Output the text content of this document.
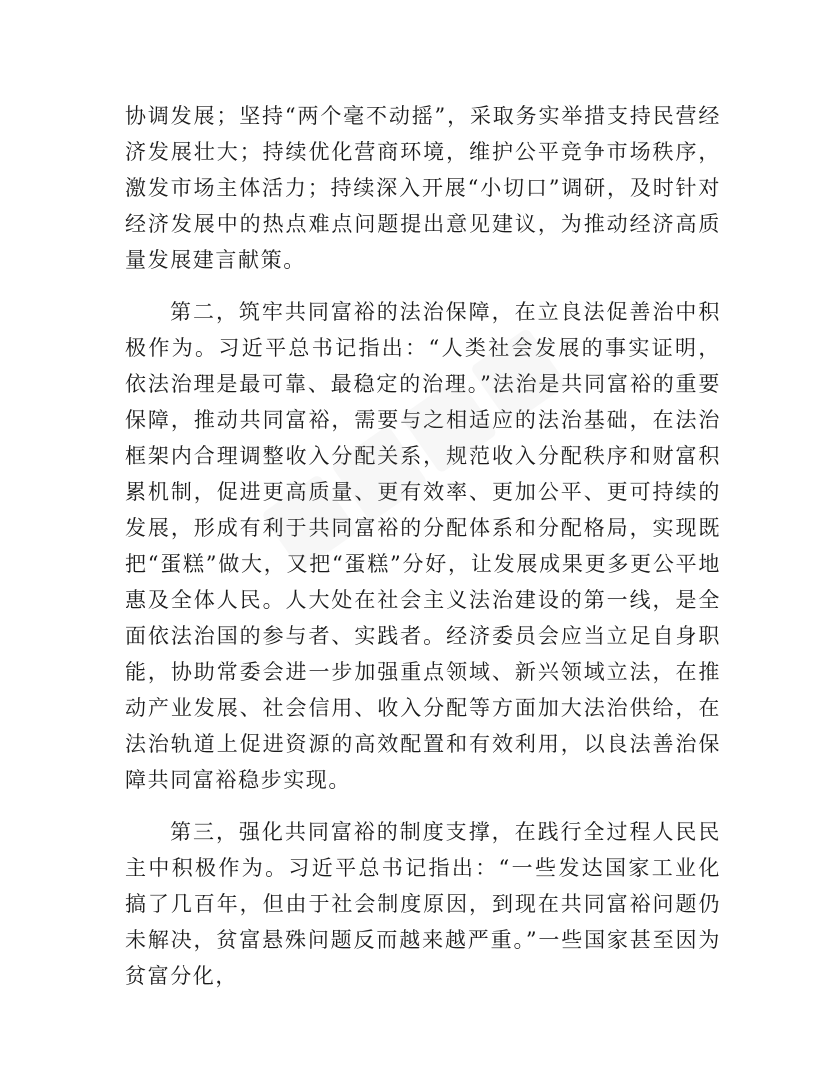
协调发展；坚持“两个毫不动摇”，采取务实举措支持民营经济发展壮大；持续优化营商环境，维护公平竞争市场秩序，激发市场主体活力；持续深入开展“小切口”调研，及时针对经济发展中的热点难点问题提出意见建议，为推动经济高质量发展建言献策。

第二，筑牢共同富裕的法治保障，在立良法促善治中积极作为。习近平总书记指出：“人类社会发展的事实证明，依法治理是最可靠、最稳定的治理。”法治是共同富裕的重要保障，推动共同富裕，需要与之相适应的法治基础，在法治框架内合理调整收入分配关系，规范收入分配秩序和财富积累机制，促进更高质量、更有效率、更加公平、更可持续的发展，形成有利于共同富裕的分配体系和分配格局，实现既把“蛋糕”做大，又把“蛋糕”分好，让发展成果更多更公平地惠及全体人民。人大处在社会主义法治建设的第一线，是全面依法治国的参与者、实践者。经济委员会应当立足自身职能，协助常委会进一步加强重点领域、新兴领域立法，在推动产业发展、社会信用、收入分配等方面加大法治供给，在法治轨道上促进资源的高效配置和有效利用，以良法善治保障共同富裕稳步实现。

第三，强化共同富裕的制度支撑，在践行全过程人民民主中积极作为。习近平总书记指出：“一些发达国家工业化搞了几百年，但由于社会制度原因，到现在共同富裕问题仍未解决，贫富悬殊问题反而越来越严重。”一些国家甚至因为贫富分化，
